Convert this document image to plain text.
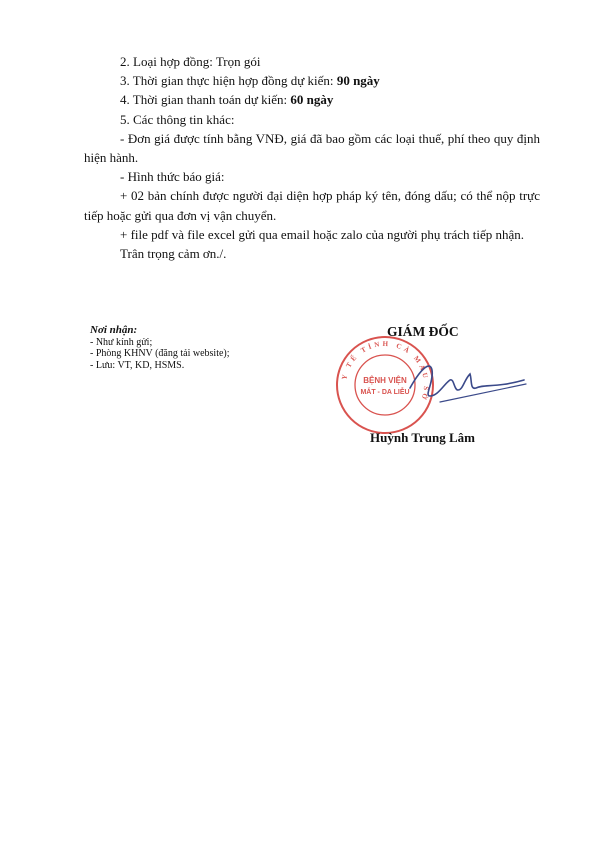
2. Loại hợp đồng: Trọn gói

3. Thời gian thực hiện hợp đồng dự kiến: 90 ngày

4. Thời gian thanh toán dự kiến: 60 ngày

5. Các thông tin khác:

- Đơn giá được tính bằng VNĐ, giá đã bao gồm các loại thuế, phí theo quy định hiện hành.

- Hình thức báo giá:

+ 02 bản chính được người đại diện hợp pháp ký tên, đóng dấu; có thể nộp trực tiếp hoặc gửi qua đơn vị vận chuyển.

+ file pdf và file excel gửi qua email hoặc zalo của người phụ trách tiếp nhận.

Trân trọng cảm ơn./.

Nơi nhận:
- Như kính gửi;
- Phòng KHNV (đăng tải website);
- Lưu: VT, KD, HSMS.
Y TẾ TỈNH CÀ MAU SỞ
BỆNH VIỆN
MẮT - DA LIỄU
GIÁM ĐỐC
Huỳnh Trung Lâm
